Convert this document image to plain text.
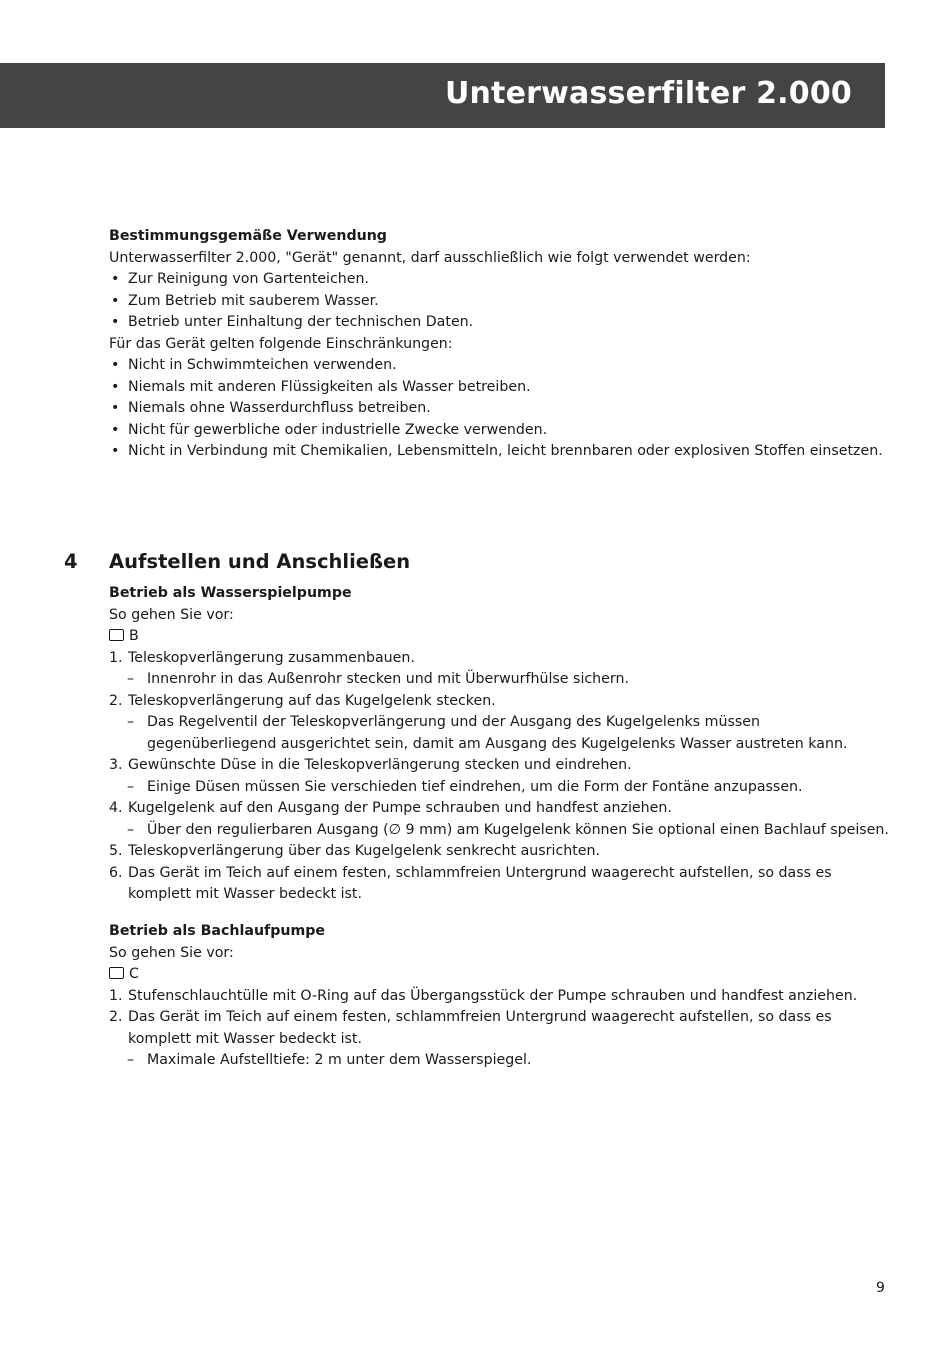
Unterwasserfilter 2.000
Bestimmungsgemäße Verwendung
Unterwasserfilter 2.000, "Gerät" genannt, darf ausschließlich wie folgt verwendet werden:
• Zur Reinigung von Gartenteichen.
• Zum Betrieb mit sauberem Wasser.
• Betrieb unter Einhaltung der technischen Daten.
Für das Gerät gelten folgende Einschränkungen:
• Nicht in Schwimmteichen verwenden.
• Niemals mit anderen Flüssigkeiten als Wasser betreiben.
• Niemals ohne Wasserdurchfluss betreiben.
• Nicht für gewerbliche oder industrielle Zwecke verwenden.
• Nicht in Verbindung mit Chemikalien, Lebensmitteln, leicht brennbaren oder explosiven Stoffen einsetzen.
4 Aufstellen und Anschließen
Betrieb als Wasserspielpumpe
So gehen Sie vor:
B
1. Teleskopverlängerung zusammenbauen.
– Innenrohr in das Außenrohr stecken und mit Überwurfhülse sichern.
2. Teleskopverlängerung auf das Kugelgelenk stecken.
– Das Regelventil der Teleskopverlängerung und der Ausgang des Kugelgelenks müssen gegenüberliegend ausgerichtet sein, damit am Ausgang des Kugelgelenks Wasser austreten kann.
3. Gewünschte Düse in die Teleskopverlängerung stecken und eindrehen.
– Einige Düsen müssen Sie verschieden tief eindrehen, um die Form der Fontäne anzupassen.
4. Kugelgelenk auf den Ausgang der Pumpe schrauben und handfest anziehen.
– Über den regulierbaren Ausgang (∅ 9 mm) am Kugelgelenk können Sie optional einen Bachlauf speisen.
5. Teleskopverlängerung über das Kugelgelenk senkrecht ausrichten.
6. Das Gerät im Teich auf einem festen, schlammfreien Untergrund waagerecht aufstellen, so dass es komplett mit Wasser bedeckt ist.
Betrieb als Bachlaufpumpe
So gehen Sie vor:
C
1. Stufenschlauchtülle mit O-Ring auf das Übergangsstück der Pumpe schrauben und handfest anziehen.
2. Das Gerät im Teich auf einem festen, schlammfreien Untergrund waagerecht aufstellen, so dass es komplett mit Wasser bedeckt ist.
– Maximale Aufstelltiefe: 2 m unter dem Wasserspiegel.
9
